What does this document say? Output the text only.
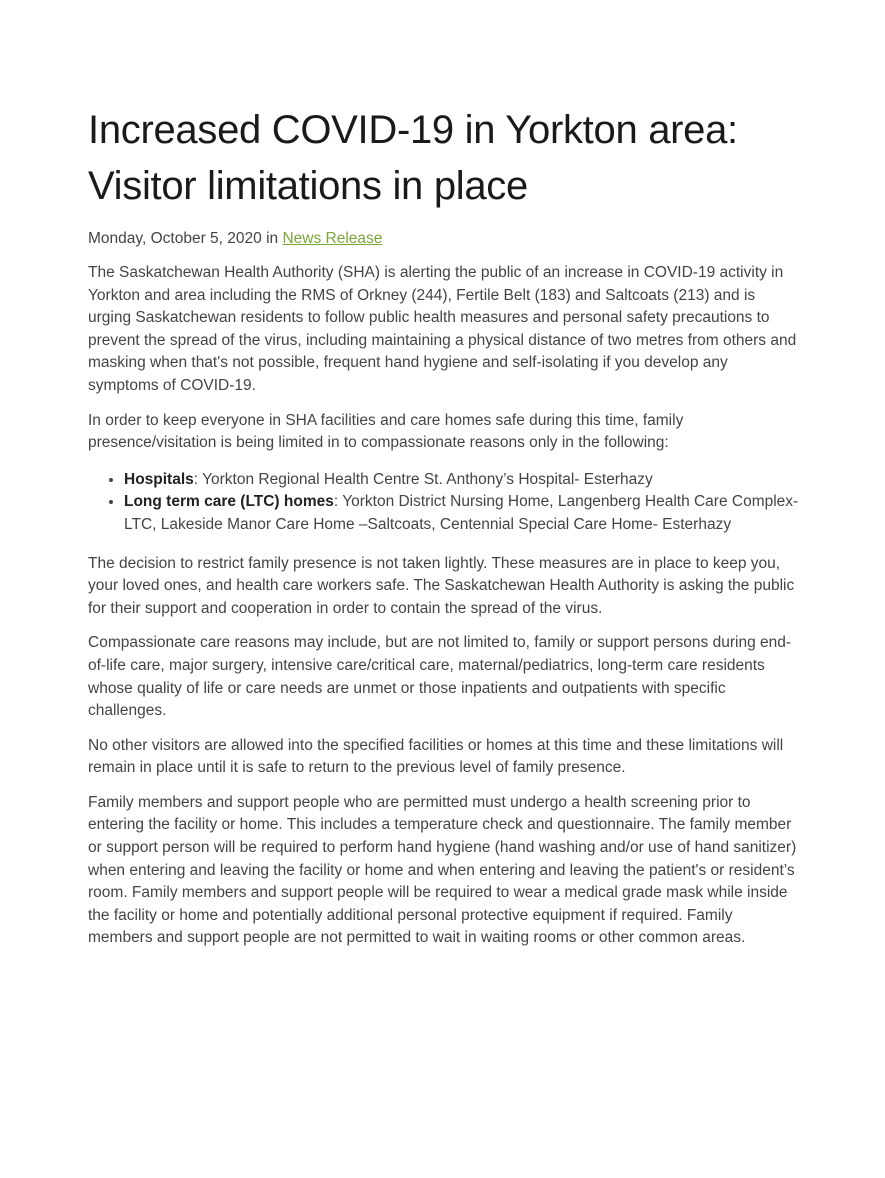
Increased COVID-19 in Yorkton area:
Visitor limitations in place
Monday, October 5, 2020 in News Release

The Saskatchewan Health Authority (SHA) is alerting the public of an increase in COVID-19 activity in Yorkton and area including the RMS of Orkney (244), Fertile Belt (183) and Saltcoats (213) and is urging Saskatchewan residents to follow public health measures and personal safety precautions to prevent the spread of the virus, including maintaining a physical distance of two metres from others and masking when that's not possible, frequent hand hygiene and self-isolating if you develop any symptoms of COVID-19.

In order to keep everyone in SHA facilities and care homes safe during this time, family presence/visitation is being limited in to compassionate reasons only in the following:

• Hospitals: Yorkton Regional Health Centre St. Anthony’s Hospital- Esterhazy
• Long term care (LTC) homes: Yorkton District Nursing Home, Langenberg Health Care Complex- LTC, Lakeside Manor Care Home –Saltcoats, Centennial Special Care Home- Esterhazy

The decision to restrict family presence is not taken lightly. These measures are in place to keep you, your loved ones, and health care workers safe. The Saskatchewan Health Authority is asking the public for their support and cooperation in order to contain the spread of the virus.

Compassionate care reasons may include, but are not limited to, family or support persons during end-of-life care, major surgery, intensive care/critical care, maternal/pediatrics, long-term care residents whose quality of life or care needs are unmet or those inpatients and outpatients with specific challenges.

No other visitors are allowed into the specified facilities or homes at this time and these limitations will remain in place until it is safe to return to the previous level of family presence.

Family members and support people who are permitted must undergo a health screening prior to entering the facility or home. This includes a temperature check and questionnaire. The family member or support person will be required to perform hand hygiene (hand washing and/or use of hand sanitizer) when entering and leaving the facility or home and when entering and leaving the patient's or resident’s room. Family members and support people will be required to wear a medical grade mask while inside the facility or home and potentially additional personal protective equipment if required. Family members and support people are not permitted to wait in waiting rooms or other common areas.
